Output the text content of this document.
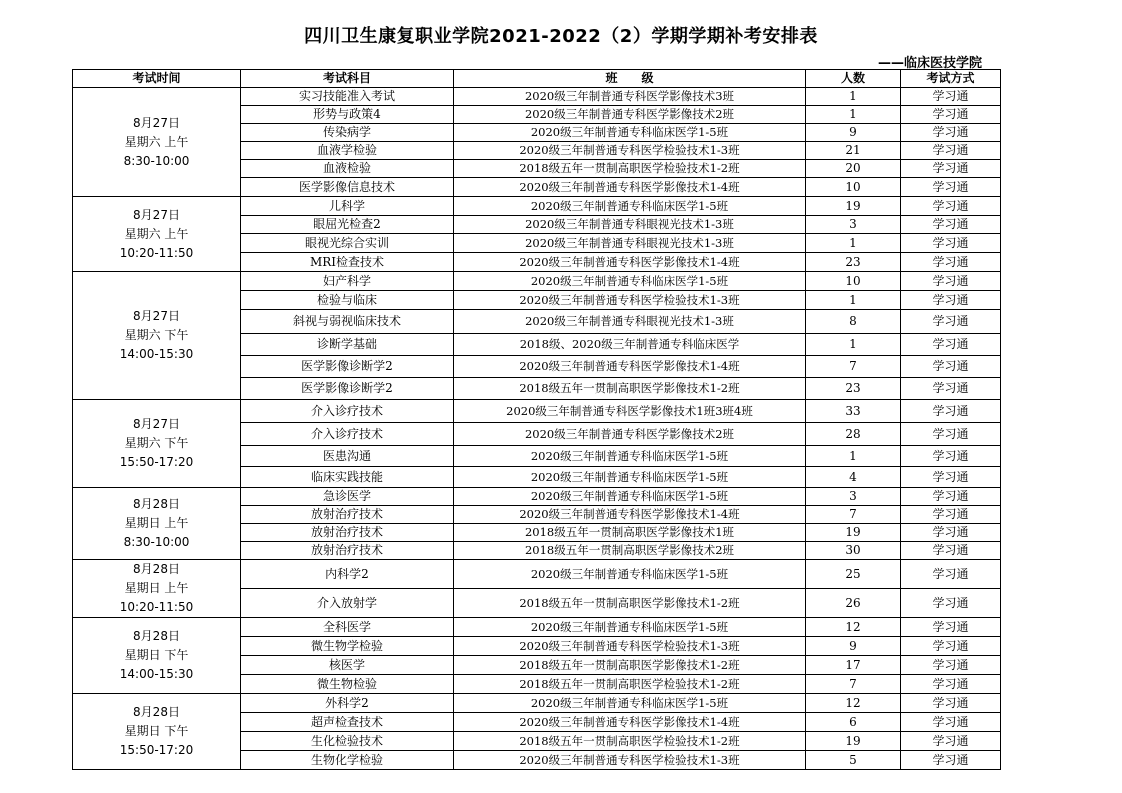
四川卫生康复职业学院2021-2022（2）学期学期补考安排表
——临床医技学院
考试时间	考试科目	班　　级	人数	考试方式

8月27日
星期六 上午
8:30-10:00	实习技能准入考试	2020级三年制普通专科医学影像技术3班	1	学习通
	形势与政策4	2020级三年制普通专科医学影像技术2班	1	学习通
	传染病学	2020级三年制普通专科临床医学1-5班	9	学习通
	血液学检验	2020级三年制普通专科医学检验技术1-3班	21	学习通
	血液检验	2018级五年一贯制高职医学检验技术1-2班	20	学习通
	医学影像信息技术	2020级三年制普通专科医学影像技术1-4班	10	学习通

8月27日
星期六 上午
10:20-11:50	儿科学	2020级三年制普通专科临床医学1-5班	19	学习通
	眼屈光检查2	2020级三年制普通专科眼视光技术1-3班	3	学习通
	眼视光综合实训	2020级三年制普通专科眼视光技术1-3班	1	学习通
	MRI检查技术	2020级三年制普通专科医学影像技术1-4班	23	学习通

8月27日
星期六 下午
14:00-15:30	妇产科学	2020级三年制普通专科临床医学1-5班	10	学习通
	检验与临床	2020级三年制普通专科医学检验技术1-3班	1	学习通
	斜视与弱视临床技术	2020级三年制普通专科眼视光技术1-3班	8	学习通
	诊断学基础	2018级、2020级三年制普通专科临床医学	1	学习通
	医学影像诊断学2	2020级三年制普通专科医学影像技术1-4班	7	学习通
	医学影像诊断学2	2018级五年一贯制高职医学影像技术1-2班	23	学习通

8月27日
星期六 下午
15:50-17:20	介入诊疗技术	2020级三年制普通专科医学影像技术1班3班4班	33	学习通
	介入诊疗技术	2020级三年制普通专科医学影像技术2班	28	学习通
	医患沟通	2020级三年制普通专科临床医学1-5班	1	学习通
	临床实践技能	2020级三年制普通专科临床医学1-5班	4	学习通

8月28日
星期日 上午
8:30-10:00	急诊医学	2020级三年制普通专科临床医学1-5班	3	学习通
	放射治疗技术	2020级三年制普通专科医学影像技术1-4班	7	学习通
	放射治疗技术	2018级五年一贯制高职医学影像技术1班	19	学习通
	放射治疗技术	2018级五年一贯制高职医学影像技术2班	30	学习通

8月28日
星期日 上午
10:20-11:50	内科学2	2020级三年制普通专科临床医学1-5班	25	学习通
	介入放射学	2018级五年一贯制高职医学影像技术1-2班	26	学习通

8月28日
星期日 下午
14:00-15:30	全科医学	2020级三年制普通专科临床医学1-5班	12	学习通
	微生物学检验	2020级三年制普通专科医学检验技术1-3班	9	学习通
	核医学	2018级五年一贯制高职医学影像技术1-2班	17	学习通
	微生物检验	2018级五年一贯制高职医学检验技术1-2班	7	学习通

8月28日
星期日 下午
15:50-17:20	外科学2	2020级三年制普通专科临床医学1-5班	12	学习通
	超声检查技术	2020级三年制普通专科医学影像技术1-4班	6	学习通
	生化检验技术	2018级五年一贯制高职医学检验技术1-2班	19	学习通
	生物化学检验	2020级三年制普通专科医学检验技术1-3班	5	学习通
